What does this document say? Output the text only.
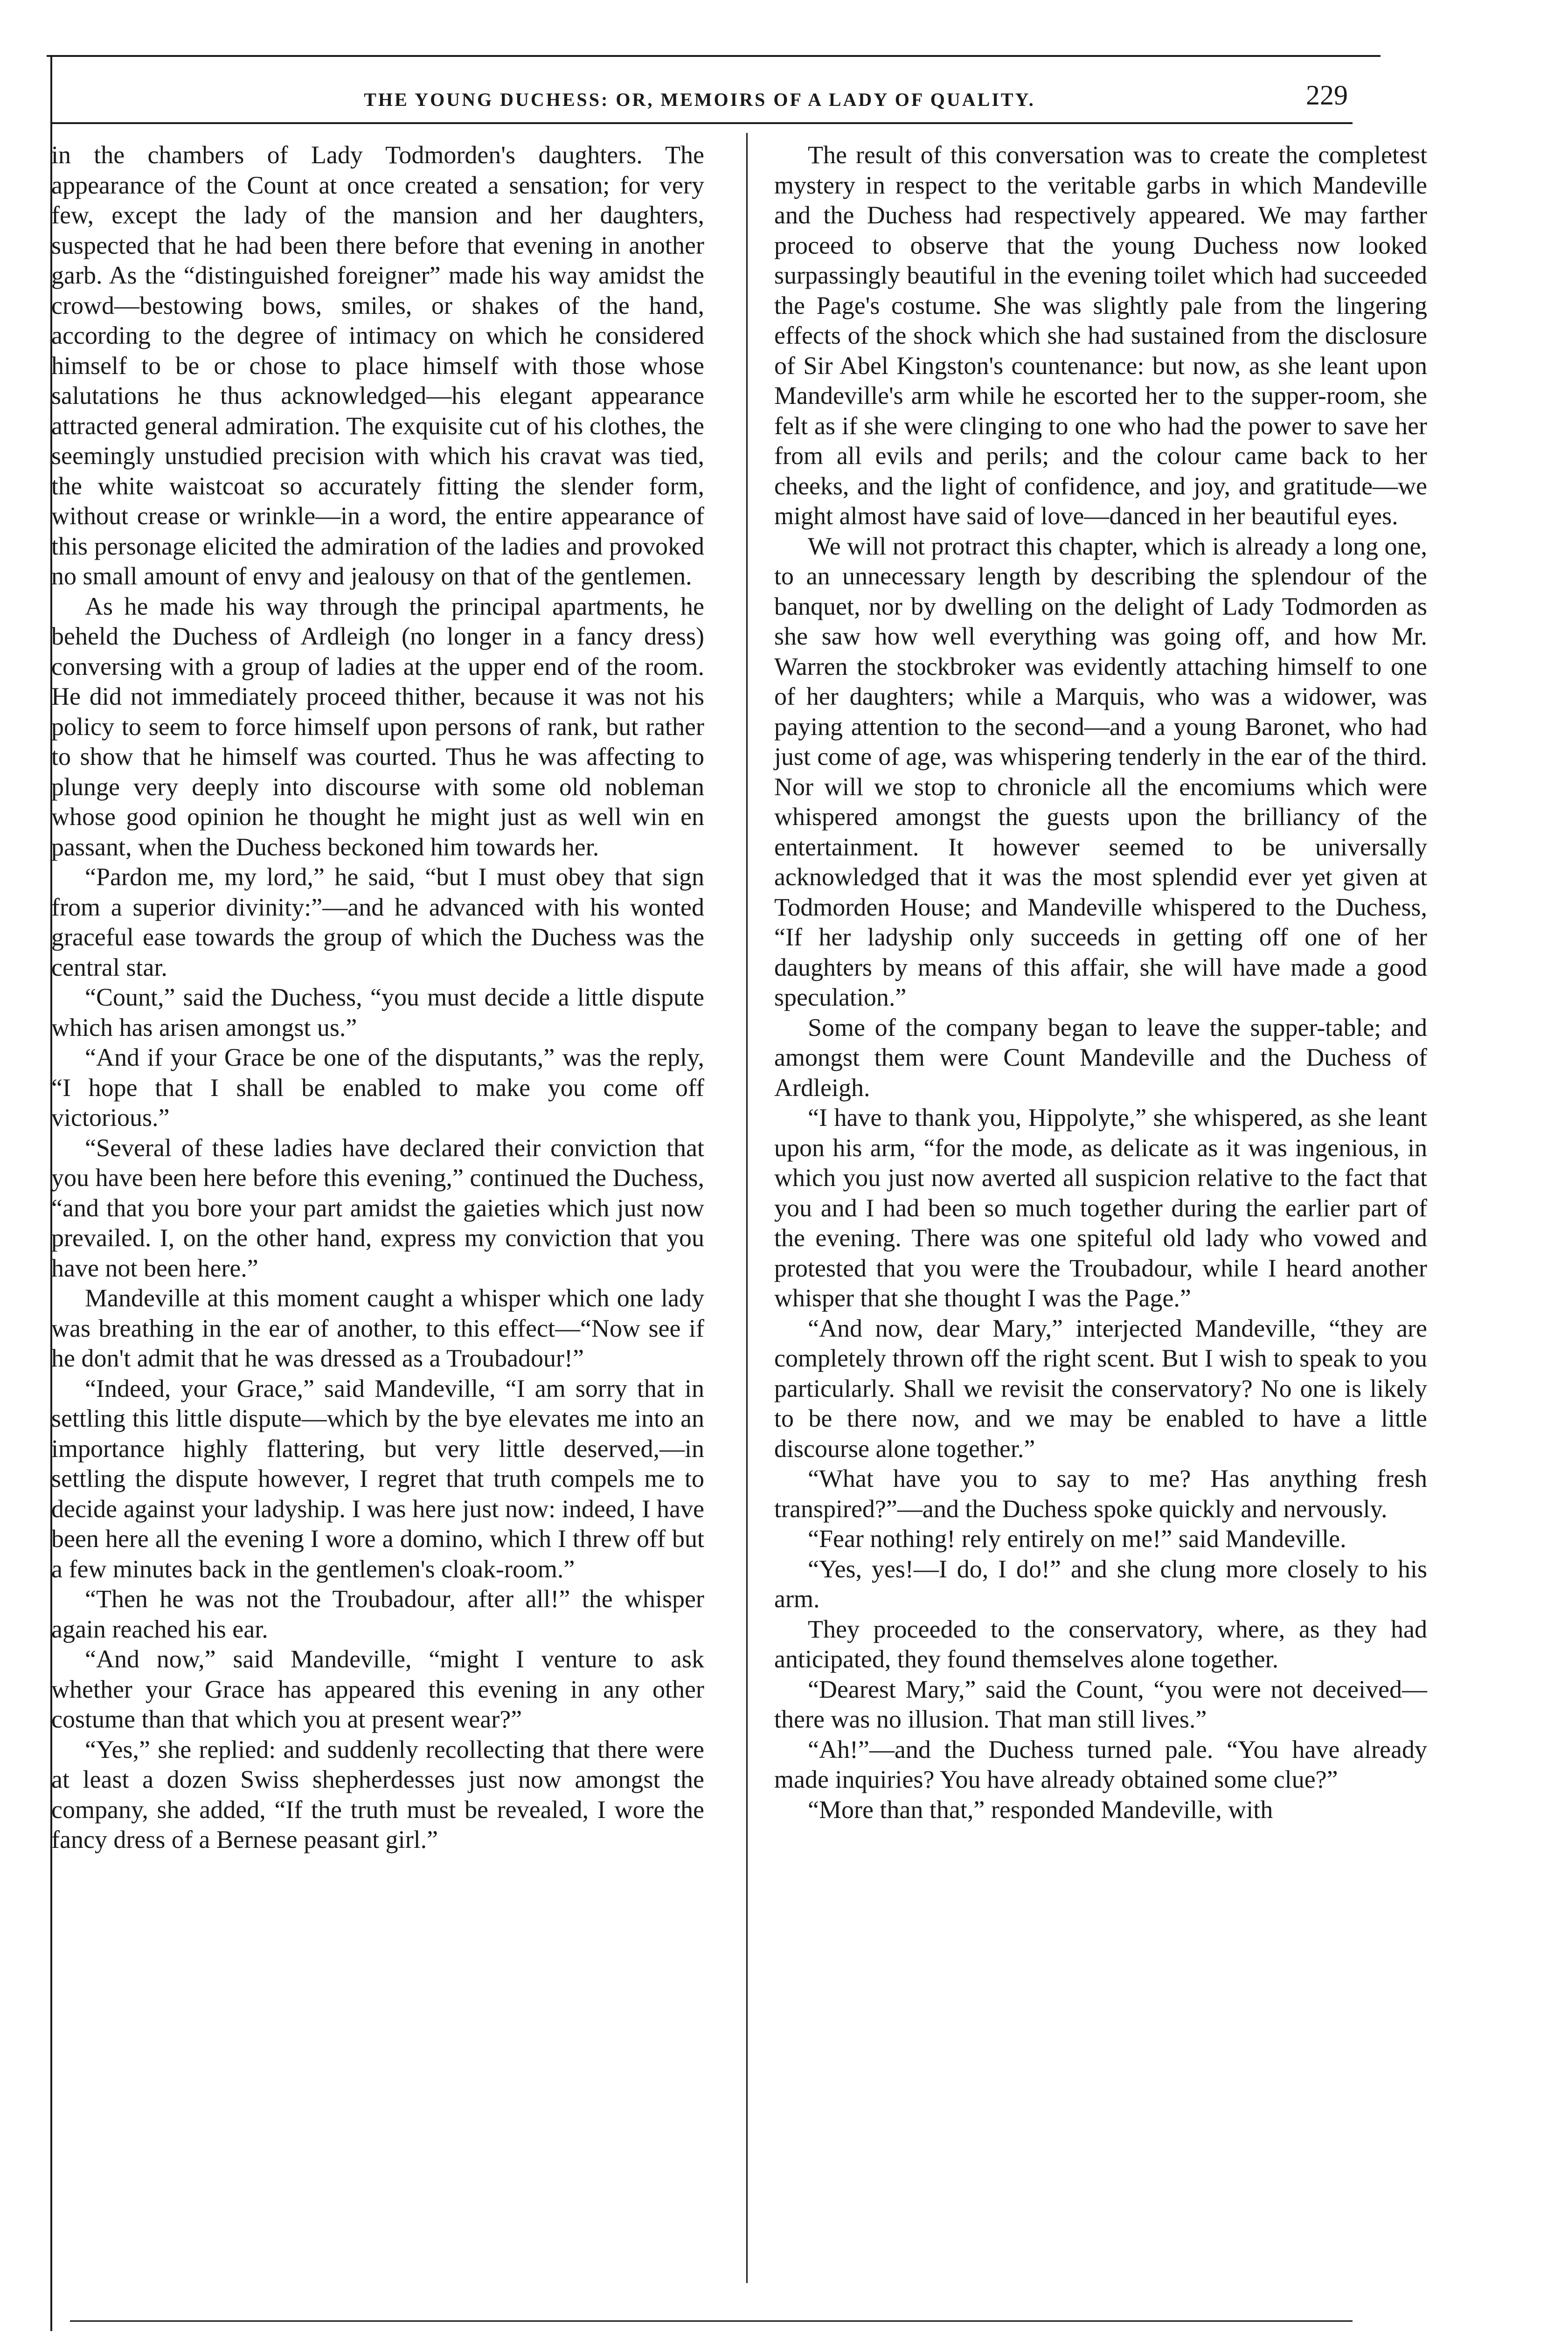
THE YOUNG DUCHESS: OR, MEMOIRS OF A LADY OF QUALITY.	229

in the chambers of Lady Todmorden's daughters. The appearance of the Count at once created a sensation; for very few, except the lady of the mansion and her daughters, suspected that he had been there before that evening in another garb. As the “distinguished foreigner” made his way amidst the crowd—bestowing bows, smiles, or shakes of the hand, according to the degree of intimacy on which he considered himself to be or chose to place himself with those whose salutations he thus acknowledged—his elegant appearance attracted general admiration. The exquisite cut of his clothes, the seemingly unstudied precision with which his cravat was tied, the white waistcoat so accurately fitting the slender form, without crease or wrinkle—in a word, the entire appearance of this personage elicited the admiration of the ladies and provoked no small amount of envy and jealousy on that of the gentlemen.

As he made his way through the principal apartments, he beheld the Duchess of Ardleigh (no longer in a fancy dress) conversing with a group of ladies at the upper end of the room. He did not immediately proceed thither, because it was not his policy to seem to force himself upon persons of rank, but rather to show that he himself was courted. Thus he was affecting to plunge very deeply into discourse with some old nobleman whose good opinion he thought he might just as well win en passant, when the Duchess beckoned him towards her.

“Pardon me, my lord,” he said, “but I must obey that sign from a superior divinity:”—and he advanced with his wonted graceful ease towards the group of which the Duchess was the central star.

“Count,” said the Duchess, “you must decide a little dispute which has arisen amongst us.”

“And if your Grace be one of the disputants,” was the reply, “I hope that I shall be enabled to make you come off victorious.”

“Several of these ladies have declared their conviction that you have been here before this evening,” continued the Duchess, “and that you bore your part amidst the gaieties which just now prevailed. I, on the other hand, express my conviction that you have not been here.”

Mandeville at this moment caught a whisper which one lady was breathing in the ear of another, to this effect—“Now see if he don't admit that he was dressed as a Troubadour!”

“Indeed, your Grace,” said Mandeville, “I am sorry that in settling this little dispute—which by the bye elevates me into an importance highly flattering, but very little deserved,—in settling the dispute however, I regret that truth compels me to decide against your ladyship. I was here just now: indeed, I have been here all the evening I wore a domino, which I threw off but a few minutes back in the gentlemen's cloak-room.”

“Then he was not the Troubadour, after all!” the whisper again reached his ear.

“And now,” said Mandeville, “might I venture to ask whether your Grace has appeared this evening in any other costume than that which you at present wear?”

“Yes,” she replied: and suddenly recollecting that there were at least a dozen Swiss shepherdesses just now amongst the company, she added, “If the truth must be revealed, I wore the fancy dress of a Bernese peasant girl.”

The result of this conversation was to create the completest mystery in respect to the veritable garbs in which Mandeville and the Duchess had respectively appeared. We may farther proceed to observe that the young Duchess now looked surpassingly beautiful in the evening toilet which had succeeded the Page's costume. She was slightly pale from the lingering effects of the shock which she had sustained from the disclosure of Sir Abel Kingston's countenance: but now, as she leant upon Mandeville's arm while he escorted her to the supper-room, she felt as if she were clinging to one who had the power to save her from all evils and perils; and the colour came back to her cheeks, and the light of confidence, and joy, and gratitude—we might almost have said of love—danced in her beautiful eyes.

We will not protract this chapter, which is already a long one, to an unnecessary length by describing the splendour of the banquet, nor by dwelling on the delight of Lady Todmorden as she saw how well everything was going off, and how Mr. Warren the stockbroker was evidently attaching himself to one of her daughters; while a Marquis, who was a widower, was paying attention to the second—and a young Baronet, who had just come of age, was whispering tenderly in the ear of the third. Nor will we stop to chronicle all the encomiums which were whispered amongst the guests upon the brilliancy of the entertainment. It however seemed to be universally acknowledged that it was the most splendid ever yet given at Todmorden House; and Mandeville whispered to the Duchess, “If her ladyship only succeeds in getting off one of her daughters by means of this affair, she will have made a good speculation.”

Some of the company began to leave the supper-table; and amongst them were Count Mandeville and the Duchess of Ardleigh.

“I have to thank you, Hippolyte,” she whispered, as she leant upon his arm, “for the mode, as delicate as it was ingenious, in which you just now averted all suspicion relative to the fact that you and I had been so much together during the earlier part of the evening. There was one spiteful old lady who vowed and protested that you were the Troubadour, while I heard another whisper that she thought I was the Page.”

“And now, dear Mary,” interjected Mandeville, “they are completely thrown off the right scent. But I wish to speak to you particularly. Shall we revisit the conservatory? No one is likely to be there now, and we may be enabled to have a little discourse alone together.”

“What have you to say to me? Has anything fresh transpired?”—and the Duchess spoke quickly and nervously.

“Fear nothing! rely entirely on me!” said Mandeville.

“Yes, yes!—I do, I do!” and she clung more closely to his arm.

They proceeded to the conservatory, where, as they had anticipated, they found themselves alone together.

“Dearest Mary,” said the Count, “you were not deceived—there was no illusion. That man still lives.”

“Ah!”—and the Duchess turned pale. “You have already made inquiries? You have already obtained some clue?”

“More than that,” responded Mandeville, with
